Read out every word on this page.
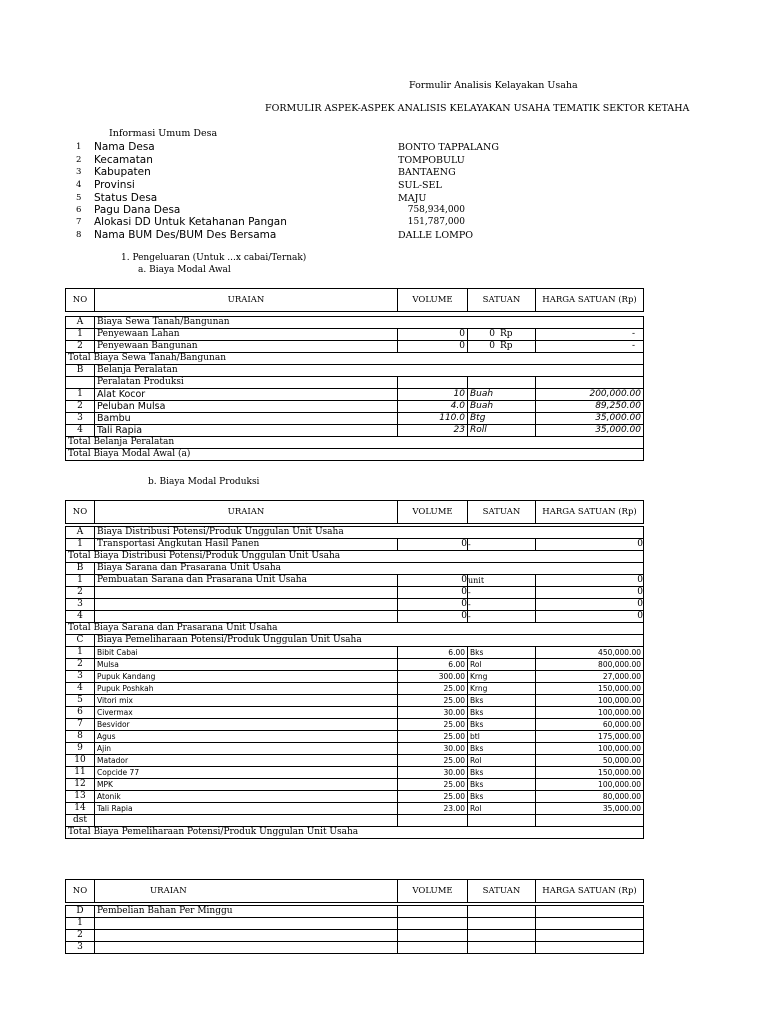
Formulir Analisis Kelayakan Usaha
FORMULIR ASPEK-ASPEK ANALISIS KELAYAKAN USAHA TEMATIK SEKTOR KETAHA
Informasi Umum Desa
1 Nama Desa	BONTO TAPPALANG
2 Kecamatan	TOMPOBULU
3 Kabupaten	BANTAENG
4 Provinsi	SUL-SEL
5 Status Desa	MAJU
6 Pagu Dana Desa	758,934,000
7 Alokasi DD Untuk Ketahanan Pangan	151,787,000
8 Nama BUM Des/BUM Des Bersama	DALLE LOMPO
1. Pengeluaran (Untuk ...x cabai/Ternak)
a. Biaya Modal Awal
NO	URAIAN	VOLUME	SATUAN	HARGA SATUAN (Rp)

A	Biaya Sewa Tanah/Bangunan			
1	Penyewaan Lahan	0	0 Rp	-
2	Penyewaan Bangunan	0	0 Rp	-
Total Biaya Sewa Tanah/Bangunan				
B	Belanja Peralatan			
	Peralatan Produksi			
1	Alat Kocor	10	Buah	200,000.00
2	Peluban Mulsa	4.0	Buah	89,250.00
3	Bambu	110.0	Btg	35,000.00
4	Tali Rapia	23	Roll	35,000.00
Total Belanja Peralatan				
Total Biaya Modal Awal (a)				
b. Biaya Modal Produksi
NO	URAIAN	VOLUME	SATUAN	HARGA SATUAN (Rp)

A	Biaya Distribusi Potensi/Produk Unggulan Unit Usaha			
1	Transportasi Angkutan Hasil Panen	0	-	0
Total Biaya Distribusi Potensi/Produk Unggulan Unit Usaha				
B	Biaya Sarana dan Prasarana Unit Usaha			
1	Pembuatan Sarana dan Prasarana Unit Usaha	0	unit	0
2		0	-	0
3		0	-	0
4		0	-	0
Total Biaya Sarana dan Prasarana Unit Usaha				
C	Biaya Pemeliharaan Potensi/Produk Unggulan Unit Usaha			
1	Bibit Cabai	6.00	Bks	450,000.00
2	Mulsa	6.00	Rol	800,000.00
3	Pupuk Kandang	300.00	Krng	27,000.00
4	Pupuk Poshkah	25.00	Krng	150,000.00
5	Vitori mix	25.00	Bks	100,000.00
6	Civermax	30.00	Bks	100,000.00
7	Besvidor	25.00	Bks	60,000.00
8	Agus	25.00	btl	175,000.00
9	Ajin	30.00	Bks	100,000.00
10	Matador	25.00	Rol	50,000.00
11	Copcide 77	30.00	Bks	150,000.00
12	MPK	25.00	Bks	100,000.00
13	Atonik	25.00	Bks	80,000.00
14	Tali Rapia	23.00	Rol	35,000.00
dst				
Total Biaya Pemeliharaan Potensi/Produk Unggulan Unit Usaha				
NO	URAIAN	VOLUME	SATUAN	HARGA SATUAN (Rp)

D	Pembelian Bahan Per Minggu			
1				
2				
3				
